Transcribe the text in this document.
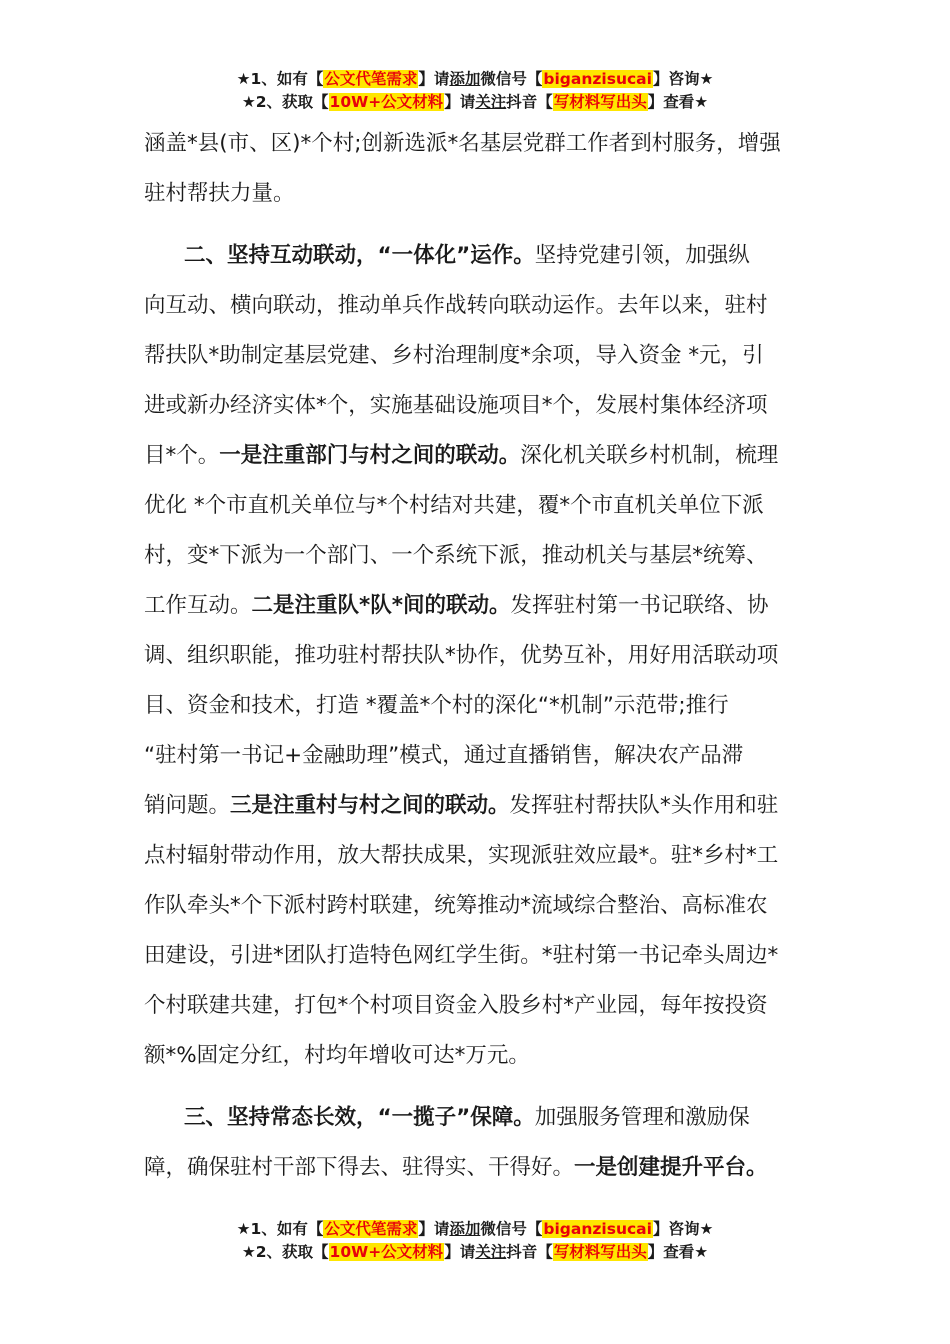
★1、如有【公文代笔需求】请添加微信号【biganzisucai】咨询★
★2、获取【10W+公文材料】请关注抖音【写材料写出头】查看★
涵盖*县(市、区)*个村;创新选派*名基层党群工作者到村服务，增强
驻村帮扶力量。
二、坚持互动联动，“一体化”运作。坚持党建引领，加强纵
向互动、横向联动，推动单兵作战转向联动运作。去年以来，驻村
帮扶队*助制定基层党建、乡村治理制度*余项，导入资金 *元，引
进或新办经济实体*个，实施基础设施项目*个，发展村集体经济项
目*个。一是注重部门与村之间的联动。深化机关联乡村机制，梳理
优化 *个市直机关单位与*个村结对共建，覆*个市直机关单位下派
村，变*下派为一个部门、一个系统下派，推动机关与基层*统筹、
工作互动。二是注重队*队*间的联动。发挥驻村第一书记联络、协
调、组织职能，推功驻村帮扶队*协作，优势互补，用好用活联动项
目、资金和技术，打造 *覆盖*个村的深化“*机制”示范带;推行
“驻村第一书记+金融助理”模式，通过直播销售，解决农产品滞
销问题。三是注重村与村之间的联动。发挥驻村帮扶队*头作用和驻
点村辐射带动作用，放大帮扶成果，实现派驻效应最*。驻*乡村*工
作队牵头*个下派村跨村联建，统筹推动*流域综合整治、高标准农
田建设，引进*团队打造特色网红学生街。*驻村第一书记牵头周边*
个村联建共建，打包*个村项目资金入股乡村*产业园，每年按投资
额*%固定分红，村均年增收可达*万元。
三、坚持常态长效，“一揽子”保障。加强服务管理和激励保
障，确保驻村干部下得去、驻得实、干得好。一是创建提升平台。
★1、如有【公文代笔需求】请添加微信号【biganzisucai】咨询★
★2、获取【10W+公文材料】请关注抖音【写材料写出头】查看★
